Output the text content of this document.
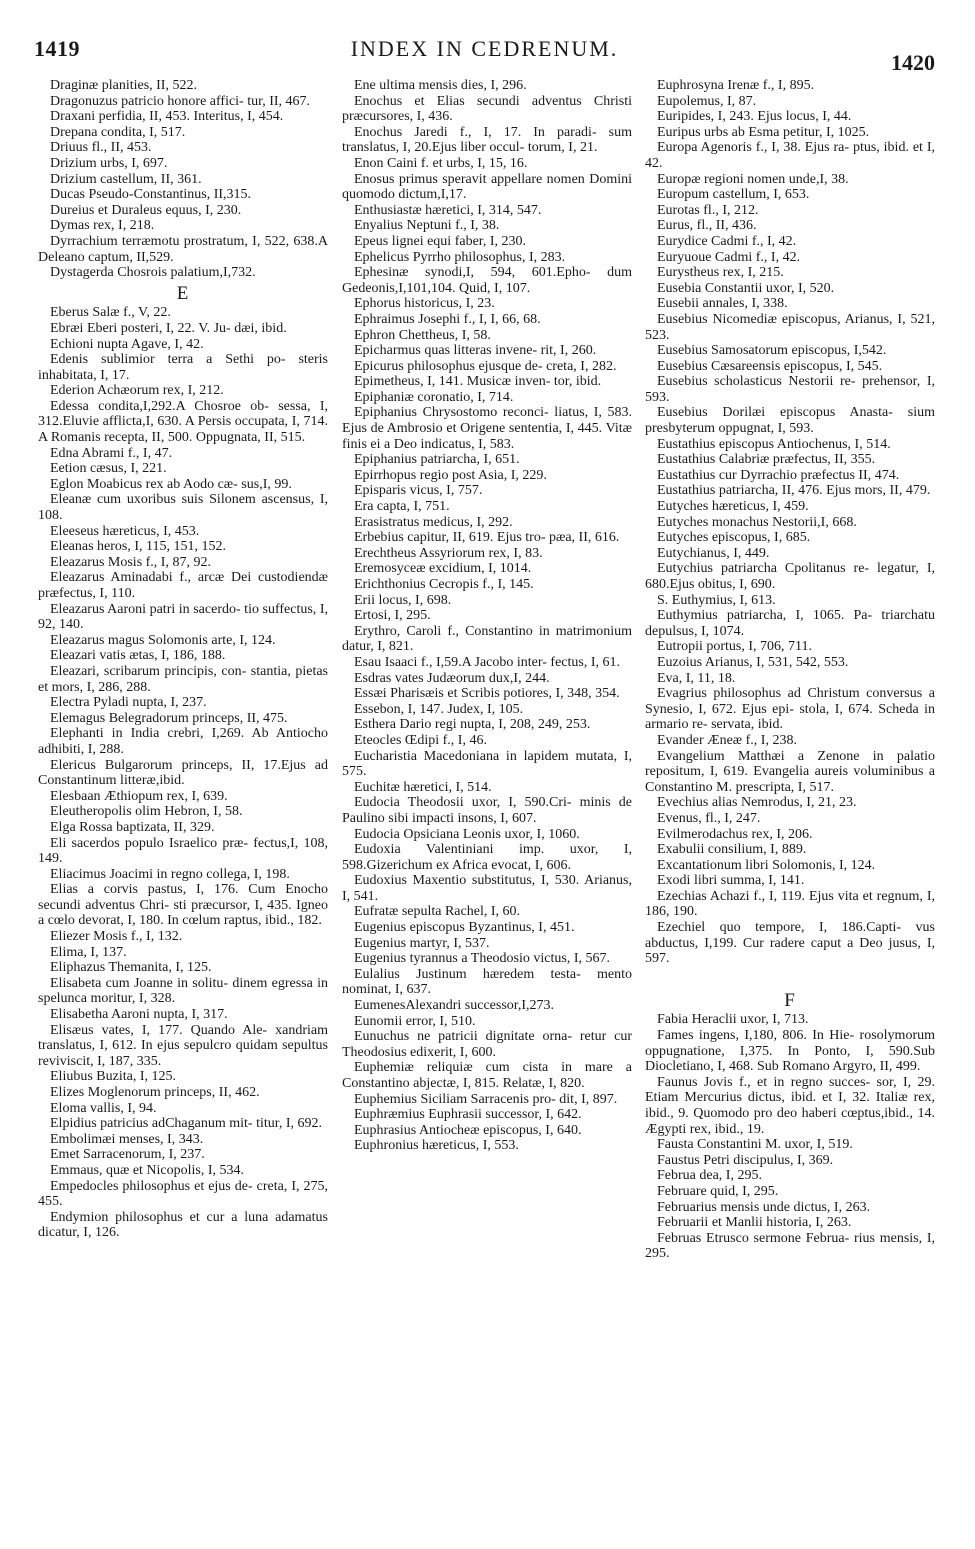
1419	INDEX IN CEDRENUM.
1420

Draginæ planities, II, 522.

Dragonuzus patricio honore affici- tur, II, 467.

Draxani perfidia, II, 453. Interitus, I, 454.

Drepana condita, I, 517.

Driuus fl., II, 453.

Drizium urbs, I, 697.

Drizium castellum, II, 361.

Ducas Pseudo-Constantinus, II,315.

Dureius et Duraleus equus, I, 230.

Dymas rex, I, 218.

Dyrrachium terræmotu prostratum, I, 522, 638.A Deleano captum, II,529.

Dystagerda Chosrois palatium,I,732.

E

Eberus Salæ f., V, 22.

Ebræi Eberi posteri, I, 22. V. Ju- dæi, ibid.

Echioni nupta Agave, I, 42.

Edenis sublimior terra a Sethi po- steris inhabitata, I, 17.

Ederion Achæorum rex, I, 212.

Edessa condita,I,292.A Chosroe ob- sessa, I, 312.Eluvie afflicta,I, 630. A Persis occupata, I, 714. A Romanis recepta, II, 500. Oppugnata, II, 515.

Edna Abrami f., I, 47.

Eetion cæsus, I, 221.

Eglon Moabicus rex ab Aodo cæ- sus,I, 99.

Eleanæ cum uxoribus suis Silonem ascensus, I, 108.

Eleeseus hæreticus, I, 453.

Eleanas heros, I, 115, 151, 152.

Eleazarus Mosis f., I, 87, 92.

Eleazarus Aminadabi f., arcæ Dei custodiendæ præfectus, I, 110.

Eleazarus Aaroni patri in sacerdo- tio suffectus, I, 92, 140.

Eleazarus magus Solomonis arte, I, 124.

Eleazari vatis ætas, I, 186, 188.

Eleazari, scribarum principis, con- stantia, pietas et mors, I, 286, 288.

Electra Pyladi nupta, I, 237.

Elemagus Belegradorum princeps, II, 475.

Elephanti in India crebri, I,269. Ab Antiocho adhibiti, I, 288.

Elericus Bulgarorum princeps, II, 17.Ejus ad Constantinum litteræ,ibid.

Elesbaan Æthiopum rex, I, 639.

Eleutheropolis olim Hebron, I, 58.

Elga Rossa baptizata, II, 329.

Eli sacerdos populo Israelico præ- fectus,I, 108, 149.

Eliacimus Joacimi in regno collega, I, 198.

Elias a corvis pastus, I, 176. Cum Enocho secundi adventus Chri- sti præcursor, I, 435. Igneo a cœlo devorat, I, 180. In cœlum raptus, ibid., 182.

Eliezer Mosis f., I, 132.

Elima, I, 137.

Eliphazus Themanita, I, 125.

Elisabeta cum Joanne in solitu- dinem egressa in spelunca moritur, I, 328.

Elisabetha Aaroni nupta, I, 317.

Elisæus vates, I, 177. Quando Ale- xandriam translatus, I, 612. In ejus sepulcro quidam sepultus reviviscit, I, 187, 335.

Eliubus Buzita, I, 125.

Elizes Moglenorum princeps, II, 462.

Eloma vallis, I, 94.

Elpidius patricius adChaganum mit- titur, I, 692.

Embolimæi menses, I, 343.

Emet Sarracenorum, I, 237.

Emmaus, quæ et Nicopolis, I, 534.

Empedocles philosophus et ejus de- creta, I, 275, 455.

Endymion philosophus et cur a luna adamatus dicatur, I, 126.

Ene ultima mensis dies, I, 296.

Enochus et Elias secundi adventus Christi præcursores, I, 436.

Enochus Jaredi f., I, 17. In paradi- sum translatus, I, 20.Ejus liber occul- torum, I, 21.

Enon Caini f. et urbs, I, 15, 16.

Enosus primus speravit appellare nomen Domini quomodo dictum,I,17.

Enthusiastæ hæretici, I, 314, 547.

Enyalius Neptuni f., I, 38.

Epeus lignei equi faber, I, 230.

Ephelicus Pyrrho philosophus, I, 283.

Ephesinæ synodi,I, 594, 601.Epho- dum Gedeonis,I,101,104. Quid, I, 107.

Ephorus historicus, I, 23.

Ephraimus Josephi f., I, I, 66, 68.

Ephron Chettheus, I, 58.

Epicharmus quas litteras invene- rit, I, 260.

Epicurus philosophus ejusque de- creta, I, 282.

Epimetheus, I, 141. Musicæ inven- tor, ibid.

Epiphaniæ coronatio, I, 714.

Epiphanius Chrysostomo reconci- liatus, I, 583. Ejus de Ambrosio et Origene sententia, I, 445. Vitæ finis ei a Deo indicatus, I, 583.

Epiphanius patriarcha, I, 651.

Epirrhopus regio post Asia, I, 229.

Episparis vicus, I, 757.

Era capta, I, 751.

Erasistratus medicus, I, 292.

Erbebius capitur, II, 619. Ejus tro- pæa, II, 616.

Erechtheus Assyriorum rex, I, 83.

Eremosyceæ excidium, I, 1014.

Erichthonius Cecropis f., I, 145.

Erii locus, I, 698.

Ertosi, I, 295.

Erythro, Caroli f., Constantino in matrimonium datur, I, 821.

Esau Isaaci f., I,59.A Jacobo inter- fectus, I, 61.

Esdras vates Judæorum dux,I, 244.

Essæi Pharisæis et Scribis potiores, I, 348, 354.

Essebon, I, 147. Judex, I, 105.

Esthera Dario regi nupta, I, 208, 249, 253.

Eteocles Œdipi f., I, 46.

Eucharistia Macedoniana in lapidem mutata, I, 575.

Euchitæ hæretici, I, 514.

Eudocia Theodosii uxor, I, 590.Cri- minis de Paulino sibi impacti insons, I, 607.

Eudocia Opsiciana Leonis uxor, I, 1060.

Eudoxia Valentiniani imp. uxor, I, 598.Gizerichum ex Africa evocat, I, 606.

Eudoxius Maxentio substitutus, I, 530. Arianus, I, 541.

Eufratæ sepulta Rachel, I, 60.

Eugenius episcopus Byzantinus, I, 451.

Eugenius martyr, I, 537.

Eugenius tyrannus a Theodosio victus, I, 567.

Eulalius Justinum hæredem testa- mento nominat, I, 637.

EumenesAlexandri successor,I,273.

Eunomii error, I, 510.

Eunuchus ne patricii dignitate orna- retur cur Theodosius edixerit, I, 600.

Euphemiæ reliquiæ cum cista in mare a Constantino abjectæ, I, 815. Relatæ, I, 820.

Euphemius Siciliam Sarracenis pro- dit, I, 897.

Euphræmius Euphrasii successor, I, 642.

Euphrasius Antiocheæ episcopus, I, 640.

Euphronius hæreticus, I, 553.

Euphrosyna Irenæ f., I, 895.

Eupolemus, I, 87.

Euripides, I, 243. Ejus locus, I, 44.

Euripus urbs ab Esma petitur, I, 1025.

Europa Agenoris f., I, 38. Ejus ra- ptus, ibid. et I, 42.

Europæ regioni nomen unde,I, 38.

Europum castellum, I, 653.

Eurotas fl., I, 212.

Eurus, fl., II, 436.

Eurydice Cadmi f., I, 42.

Euryuoue Cadmi f., I, 42.

Eurystheus rex, I, 215.

Eusebia Constantii uxor, I, 520.

Eusebii annales, I, 338.

Eusebius Nicomediæ episcopus, Arianus, I, 521, 523.

Eusebius Samosatorum episcopus, I,542.

Eusebius Cæsareensis episcopus, I, 545.

Eusebius scholasticus Nestorii re- prehensor, I, 593.

Eusebius Dorilæi episcopus Anasta- sium presbyterum oppugnat, I, 593.

Eustathius episcopus Antiochenus, I, 514.

Eustathius Calabriæ præfectus, II, 355.

Eustathius cur Dyrrachio præfectus II, 474.

Eustathius patriarcha, II, 476. Ejus mors, II, 479.

Eutyches hæreticus, I, 459.

Eutyches monachus Nestorii,I, 668.

Eutyches episcopus, I, 685.

Eutychianus, I, 449.

Eutychius patriarcha Cpolitanus re- legatur, I, 680.Ejus obitus, I, 690.

S. Euthymius, I, 613.

Euthymius patriarcha, I, 1065. Pa- triarchatu depulsus, I, 1074.

Eutropii portus, I, 706, 711.

Euzoius Arianus, I, 531, 542, 553.

Eva, I, 11, 18.

Evagrius philosophus ad Christum conversus a Synesio, I, 672. Ejus epi- stola, I, 674. Scheda in armario re- servata, ibid.

Evander Æneæ f., I, 238.

Evangelium Matthæi a Zenone in palatio repositum, I, 619. Evangelia aureis voluminibus a Constantino M. prescripta, I, 517.

Evechius alias Nemrodus, I, 21, 23.

Evenus, fl., I, 247.

Evilmerodachus rex, I, 206.

Exabulii consilium, I, 889.

Excantationum libri Solomonis, I, 124.

Exodi libri summa, I, 141.

Ezechias Achazi f., I, 119. Ejus vita et regnum, I, 186, 190.

Ezechiel quo tempore, I, 186.Capti- vus abductus, I,199. Cur radere caput a Deo jusus, I, 597.

F

Fabia Heraclii uxor, I, 713.

Fames ingens, I,180, 806. In Hie- rosolymorum oppugnatione, I,375. In Ponto, I, 590.Sub Diocletiano, I, 468. Sub Romano Argyro, II, 499.

Faunus Jovis f., et in regno succes- sor, I, 29. Etiam Mercurius dictus, ibid. et I, 32. Italiæ rex, ibid., 9. Quomodo pro deo haberi cœptus,ibid., 14. Ægypti rex, ibid., 19.

Fausta Constantini M. uxor, I, 519.

Faustus Petri discipulus, I, 369.

Februa dea, I, 295.

Februare quid, I, 295.

Februarius mensis unde dictus, I, 263.

Februarii et Manlii historia, I, 263.

Februas Etrusco sermone Februa- rius mensis, I, 295.
